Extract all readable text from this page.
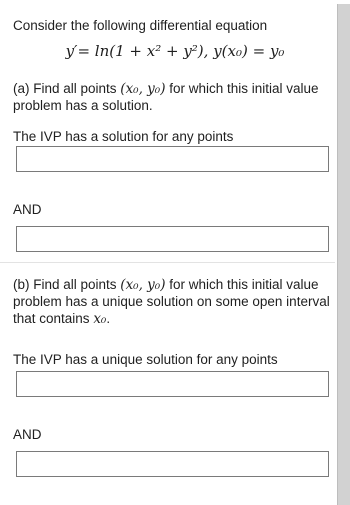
Consider the following differential equation
y′= ln(1 + x² + y²), y(x₀) = y₀
(a) Find all points (x₀, y₀) for which this initial value
problem has a solution.
The IVP has a solution for any points
AND
(b) Find all points (x₀, y₀) for which this initial value
problem has a unique solution on some open interval
that contains x₀.
The IVP has a unique solution for any points
AND
